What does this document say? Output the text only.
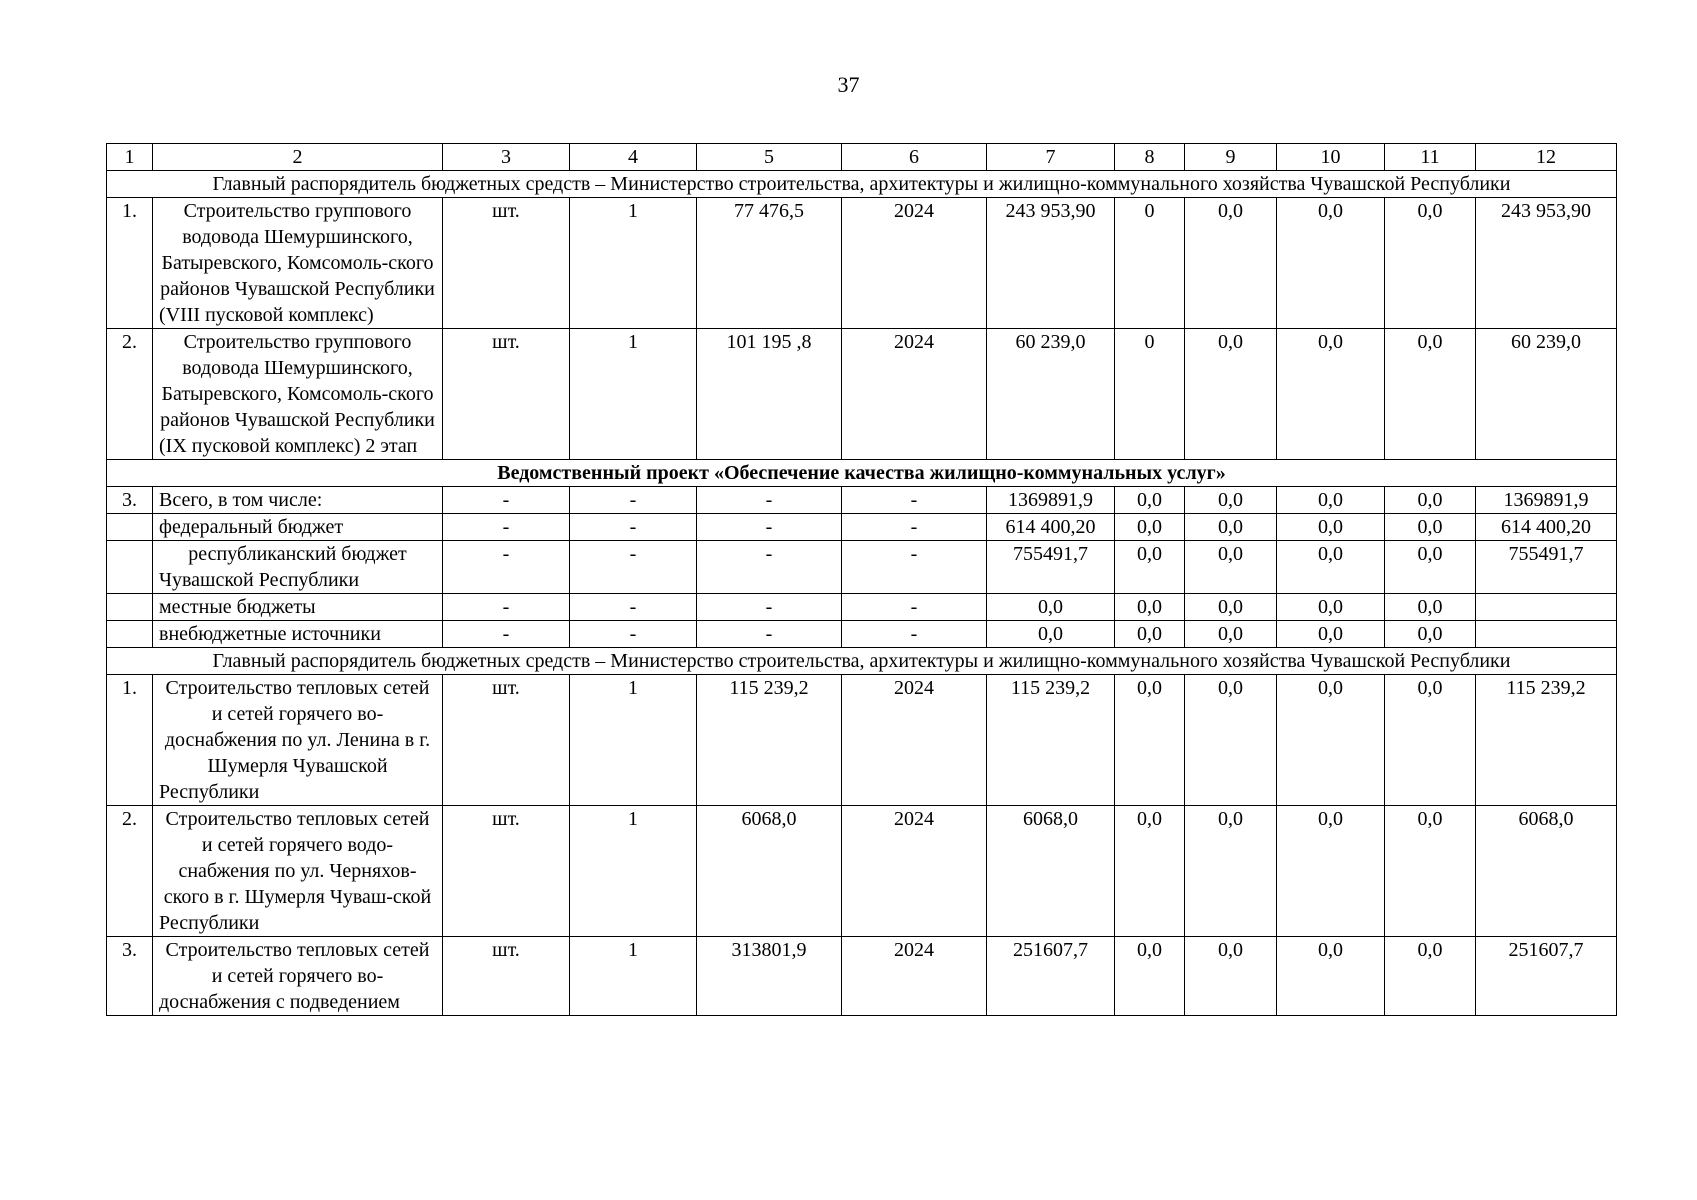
37
1	2	3	4	5	6	7	8	9	10	11	12
Главный распорядитель бюджетных средств – Министерство строительства, архитектуры и жилищно-коммунального хозяйства Чувашской Республики											
1.	Строительство группового водовода Шемуршинского, Батыревского, Комсомоль-ского районов Чувашской Республики (VIII пусковой комплекс)	шт.	1	77 476,5	2024	243 953,90	0	0,0	0,0	0,0	243 953,90
2.	Строительство группового водовода Шемуршинского, Батыревского, Комсомоль-ского районов Чувашской Республики (IX пусковой комплекс) 2 этап	шт.	1	101 195 ,8	2024	60 239,0	0	0,0	0,0	0,0	60 239,0
Ведомственный проект «Обеспечение качества жилищно-коммунальных услуг»											
3.	Всего, в том числе:	-	-	-	-	1369891,9	0,0	0,0	0,0	0,0	1369891,9
	федеральный бюджет	-	-	-	-	614 400,20	0,0	0,0	0,0	0,0	614 400,20
	республиканский бюджет Чувашской Республики	-	-	-	-	755491,7	0,0	0,0	0,0	0,0	755491,7
	местные бюджеты	-	-	-	-	0,0	0,0	0,0	0,0	0,0	
	внебюджетные источники	-	-	-	-	0,0	0,0	0,0	0,0	0,0	
Главный распорядитель бюджетных средств – Министерство строительства, архитектуры и жилищно-коммунального хозяйства Чувашской Республики											
1.	Строительство тепловых сетей и сетей горячего во-доснабжения по ул. Ленина в г. Шумерля Чувашской Республики	шт.	1	115 239,2	2024	115 239,2	0,0	0,0	0,0	0,0	115 239,2
2.	Строительство тепловых сетей и сетей горячего водо-снабжения по ул. Черняхов-ского в г. Шумерля Чуваш-ской Республики	шт.	1	6068,0	2024	6068,0	0,0	0,0	0,0	0,0	6068,0
3.	Строительство тепловых сетей и сетей горячего во-доснабжения с подведением	шт.	1	313801,9	2024	251607,7	0,0	0,0	0,0	0,0	251607,7
